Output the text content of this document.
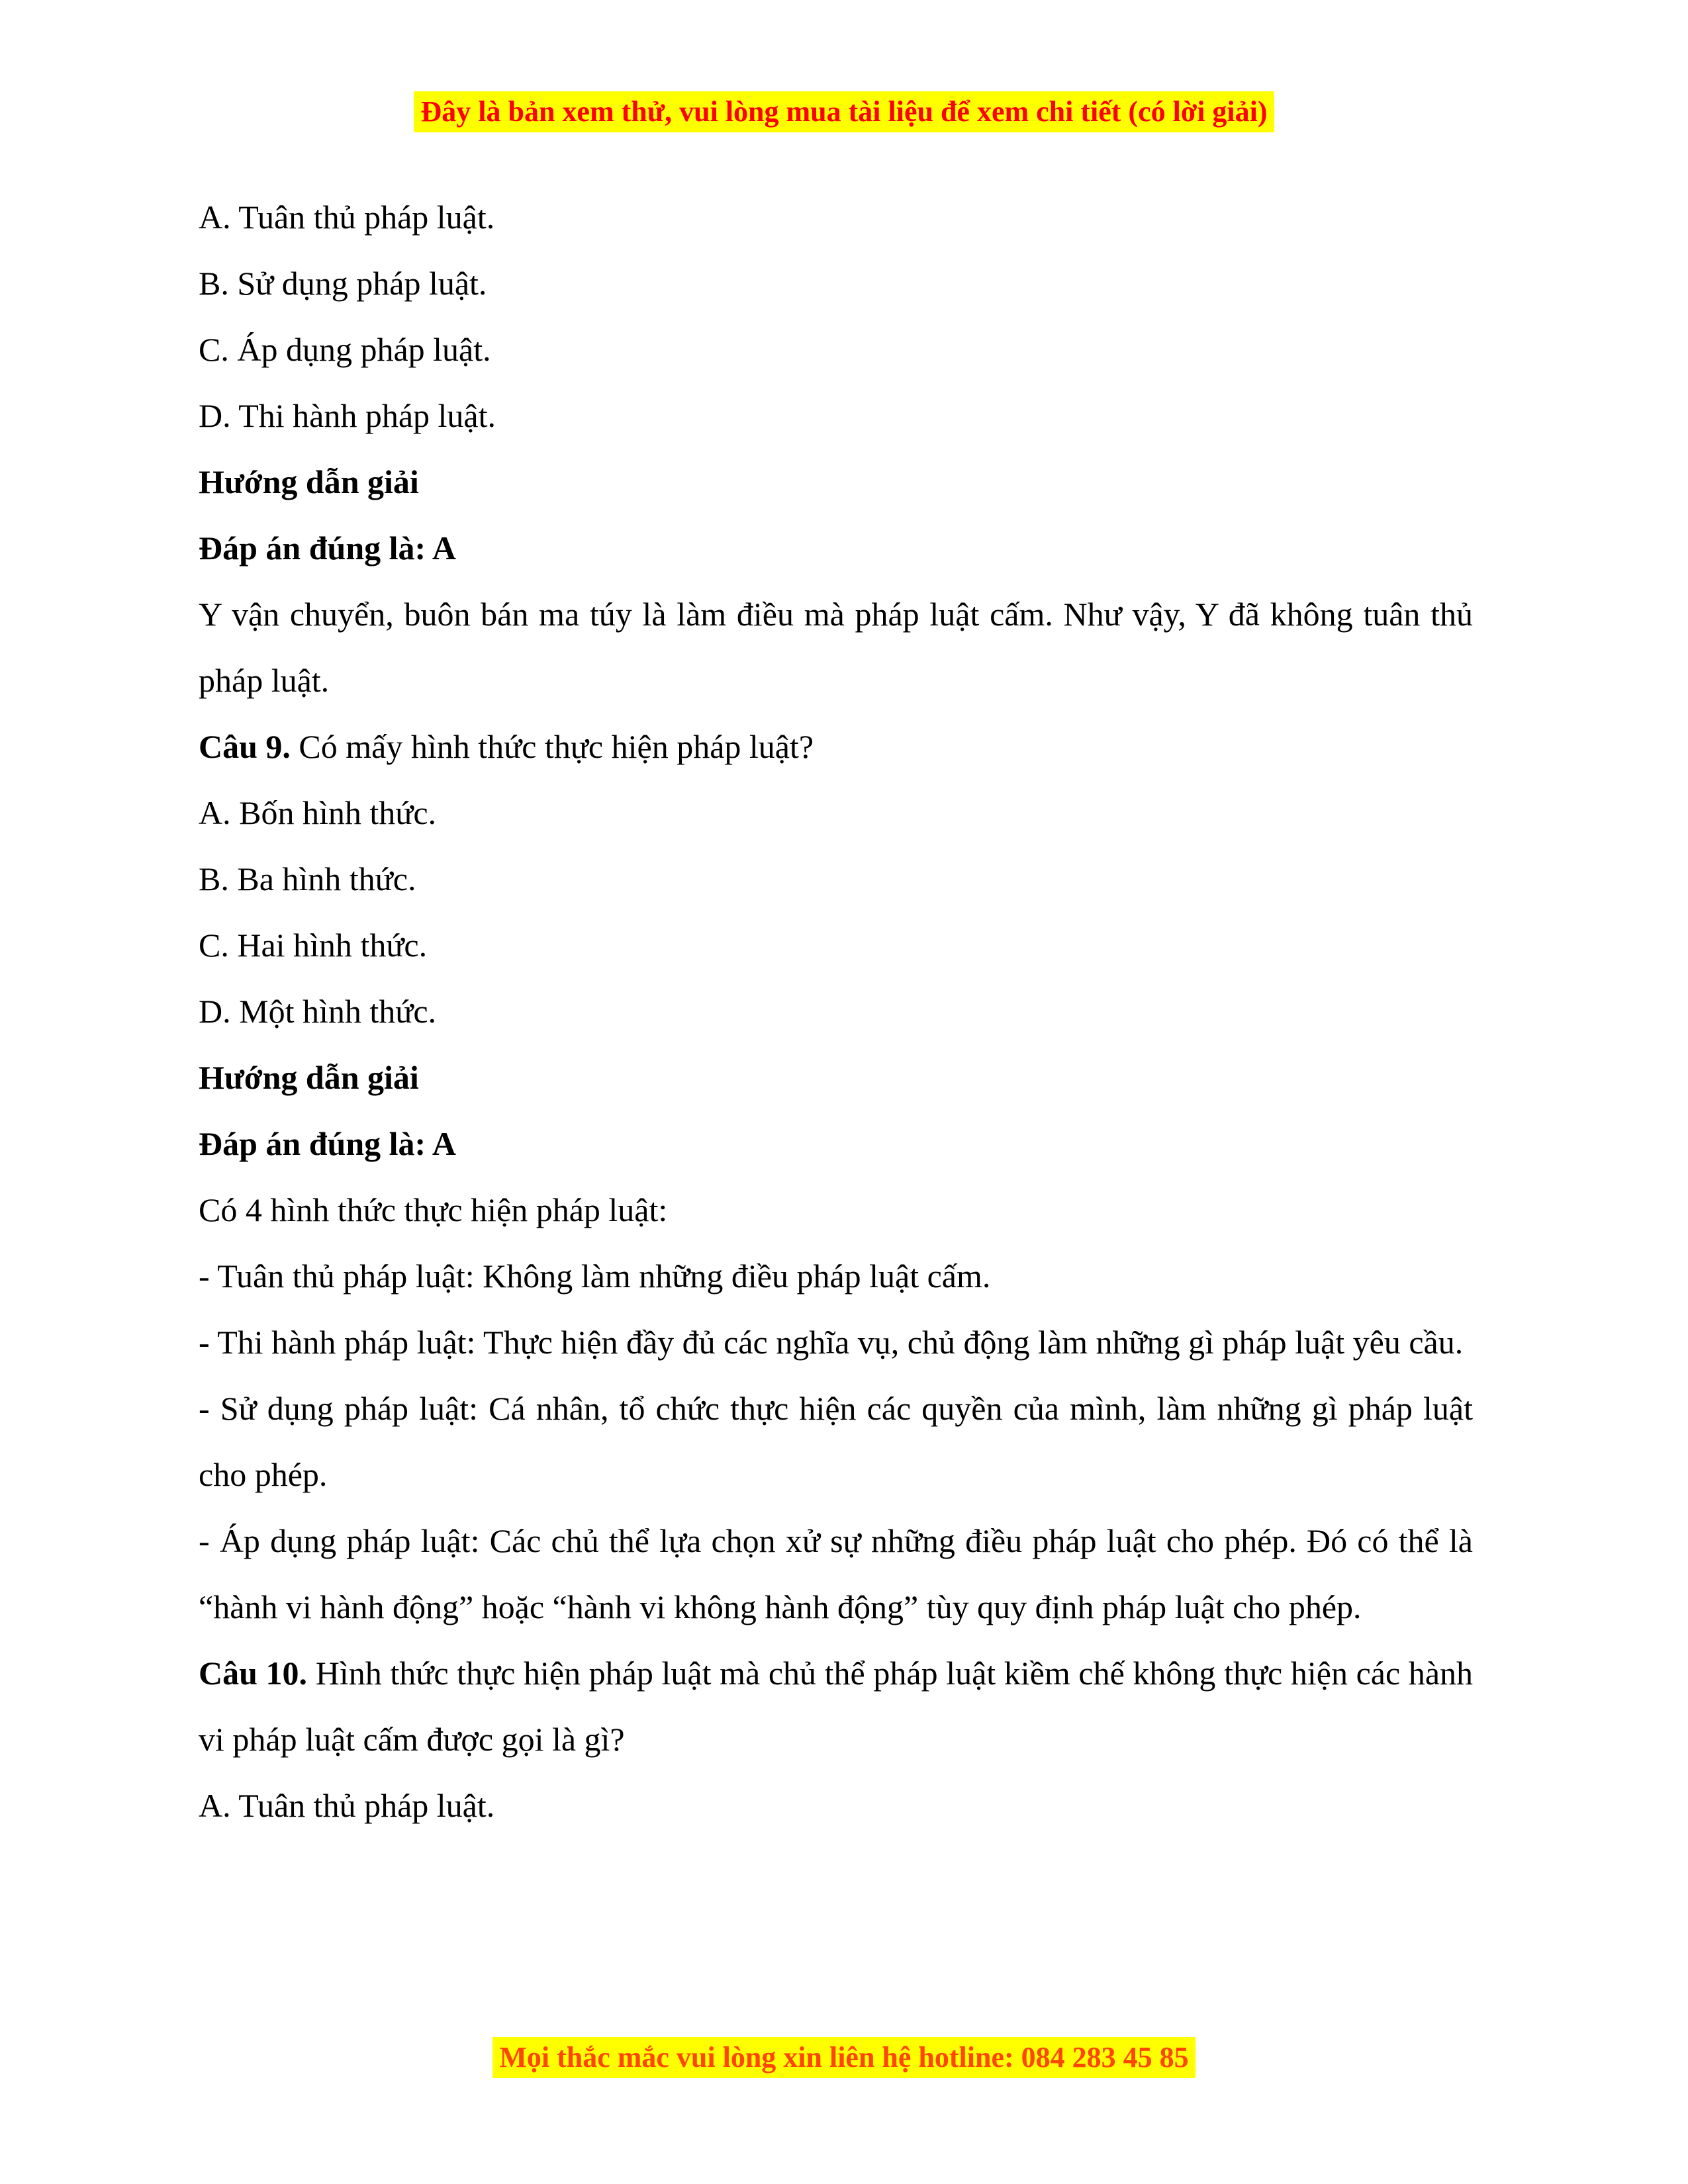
Đây là bản xem thử, vui lòng mua tài liệu để xem chi tiết (có lời giải)

A. Tuân thủ pháp luật.

B. Sử dụng pháp luật.

C. Áp dụng pháp luật.

D. Thi hành pháp luật.

Hướng dẫn giải

Đáp án đúng là: A

Y vận chuyển, buôn bán ma túy là làm điều mà pháp luật cấm. Như vậy, Y đã không tuân thủ pháp luật.

Câu 9. Có mấy hình thức thực hiện pháp luật?

A. Bốn hình thức.

B. Ba hình thức.

C. Hai hình thức.

D. Một hình thức.

Hướng dẫn giải

Đáp án đúng là: A

Có 4 hình thức thực hiện pháp luật:

- Tuân thủ pháp luật: Không làm những điều pháp luật cấm.

- Thi hành pháp luật: Thực hiện đầy đủ các nghĩa vụ, chủ động làm những gì pháp luật yêu cầu.

- Sử dụng pháp luật: Cá nhân, tổ chức thực hiện các quyền của mình, làm những gì pháp luật cho phép.

- Áp dụng pháp luật: Các chủ thể lựa chọn xử sự những điều pháp luật cho phép. Đó có thể là “hành vi hành động” hoặc “hành vi không hành động” tùy quy định pháp luật cho phép.

Câu 10. Hình thức thực hiện pháp luật mà chủ thể pháp luật kiềm chế không thực hiện các hành vi pháp luật cấm được gọi là gì?

A. Tuân thủ pháp luật.

Mọi thắc mắc vui lòng xin liên hệ hotline: 084 283 45 85
